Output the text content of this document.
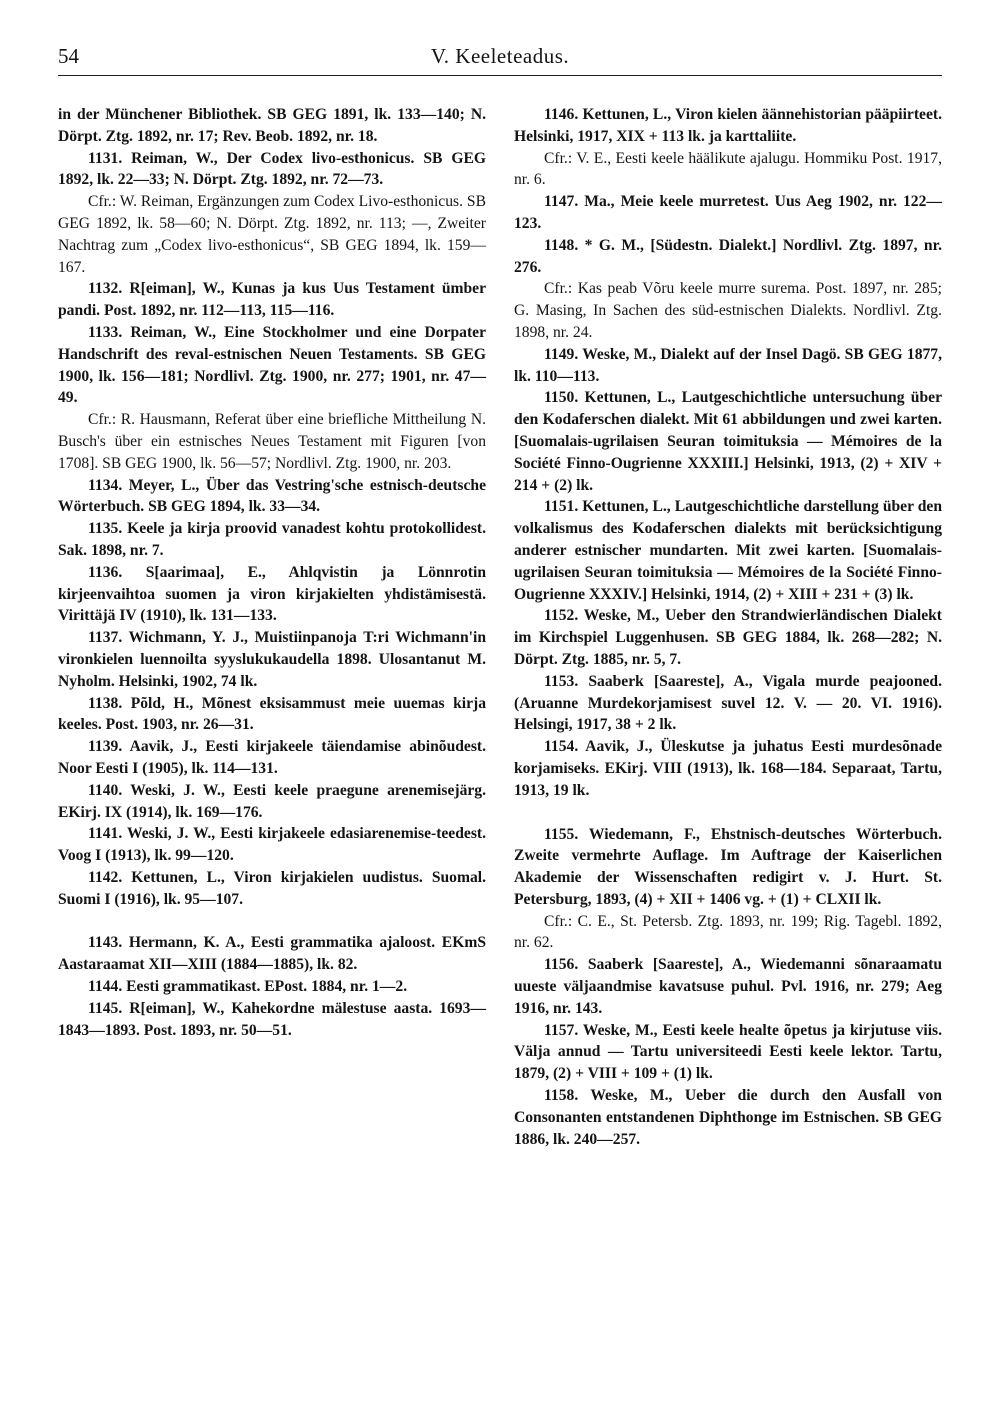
54	V. Keeleteadus.

in der Münchener Bibliothek. SB GEG 1891, lk. 133—140; N. Dörpt. Ztg. 1892, nr. 17; Rev. Beob. 1892, nr. 18.

1131. Reiman, W., Der Codex livo-esthonicus. SB GEG 1892, lk. 22—33; N. Dörpt. Ztg. 1892, nr. 72—73.

Cfr.: W. Reiman, Ergänzungen zum Codex Livo-esthonicus. SB GEG 1892, lk. 58—60; N. Dörpt. Ztg. 1892, nr. 113; —, Zweiter Nachtrag zum „Codex livo-esthonicus“, SB GEG 1894, lk. 159—167.

1132. R[eiman], W., Kunas ja kus Uus Testament ümber pandi. Post. 1892, nr. 112—113, 115—116.

1133. Reiman, W., Eine Stockholmer und eine Dorpater Handschrift des reval-estnischen Neuen Testaments. SB GEG 1900, lk. 156—181; Nordlivl. Ztg. 1900, nr. 277; 1901, nr. 47—49.

Cfr.: R. Hausmann, Referat über eine briefliche Mittheilung N. Busch's über ein estnisches Neues Testament mit Figuren [von 1708]. SB GEG 1900, lk. 56—57; Nordlivl. Ztg. 1900, nr. 203.

1134. Meyer, L., Über das Vestring'sche estnisch-deutsche Wörterbuch. SB GEG 1894, lk. 33—34.

1135. Keele ja kirja proovid vanadest kohtu protokollidest. Sak. 1898, nr. 7.

1136. S[aarimaa], E., Ahlqvistin ja Lönnrotin kirjeenvaihtoa suomen ja viron kirjakielten yhdistämisestä. Virittäjä IV (1910), lk. 131—133.

1137. Wichmann, Y. J., Muistiinpanoja T:ri Wichmann'in vironkielen luennoilta syyslukukaudella 1898. Ulosantanut M. Nyholm. Helsinki, 1902, 74 lk.

1138. Põld, H., Mõnest eksisammust meie uuemas kirja keeles. Post. 1903, nr. 26—31.

1139. Aavik, J., Eesti kirjakeele täiendamise abinõudest. Noor Eesti I (1905), lk. 114—131.

1140. Weski, J. W., Eesti keele praegune arenemisejärg. EKirj. IX (1914), lk. 169—176.

1141. Weski, J. W., Eesti kirjakeele edasiarenemise-teedest. Voog I (1913), lk. 99—120.

1142. Kettunen, L., Viron kirjakielen uudistus. Suomal. Suomi I (1916), lk. 95—107.

1143. Hermann, K. A., Eesti grammatika ajaloost. EKmS Aastaraamat XII—XIII (1884—1885), lk. 82.

1144. Eesti grammatikast. EPost. 1884, nr. 1—2.

1145. R[eiman], W., Kahekordne mälestuse aasta. 1693—1843—1893. Post. 1893, nr. 50—51.

1146. Kettunen, L., Viron kielen äännehistorian pääpiirteet. Helsinki, 1917, XIX + 113 lk. ja karttaliite.

Cfr.: V. E., Eesti keele häälikute ajalugu. Hommiku Post. 1917, nr. 6.

1147. Ma., Meie keele murretest. Uus Aeg 1902, nr. 122—123.

1148. * G. M., [Südestn. Dialekt.] Nordlivl. Ztg. 1897, nr. 276.

Cfr.: Kas peab Võru keele murre surema. Post. 1897, nr. 285; G. Masing, In Sachen des süd-estnischen Dialekts. Nordlivl. Ztg. 1898, nr. 24.

1149. Weske, M., Dialekt auf der Insel Dagö. SB GEG 1877, lk. 110—113.

1150. Kettunen, L., Lautgeschichtliche untersuchung über den Kodaferschen dialekt. Mit 61 abbildungen und zwei karten. [Suomalais-ugrilaisen Seuran toimituksia — Mémoires de la Société Finno-Ougrienne XXXIII.] Helsinki, 1913, (2) + XIV + 214 + (2) lk.

1151. Kettunen, L., Lautgeschichtliche darstellung über den volkalismus des Kodaferschen dialekts mit berücksichtigung anderer estnischer mundarten. Mit zwei karten. [Suomalais-ugrilaisen Seuran toimituksia — Mémoires de la Société Finno-Ougrienne XXXIV.] Helsinki, 1914, (2) + XIII + 231 + (3) lk.

1152. Weske, M., Ueber den Strandwierländischen Dialekt im Kirchspiel Luggenhusen. SB GEG 1884, lk. 268—282; N. Dörpt. Ztg. 1885, nr. 5, 7.

1153. Saaberk [Saareste], A., Vigala murde peajooned. (Aruanne Murdekorjamisest suvel 12. V. — 20. VI. 1916). Helsingi, 1917, 38 + 2 lk.

1154. Aavik, J., Üleskutse ja juhatus Eesti murdesõnade korjamiseks. EKirj. VIII (1913), lk. 168—184. Separaat, Tartu, 1913, 19 lk.

1155. Wiedemann, F., Ehstnisch-deutsches Wörterbuch. Zweite vermehrte Auflage. Im Auftrage der Kaiserlichen Akademie der Wissenschaften redigirt v. J. Hurt. St. Petersburg, 1893, (4) + XII + 1406 vg. + (1) + CLXII lk.

Cfr.: C. E., St. Petersb. Ztg. 1893, nr. 199; Rig. Tagebl. 1892, nr. 62.

1156. Saaberk [Saareste], A., Wiedemanni sõnaraamatu uueste väljaandmise kavatsuse puhul. Pvl. 1916, nr. 279; Aeg 1916, nr. 143.

1157. Weske, M., Eesti keele healte õpetus ja kirjutuse viis. Välja annud — Tartu universiteedi Eesti keele lektor. Tartu, 1879, (2) + VIII + 109 + (1) lk.

1158. Weske, M., Ueber die durch den Ausfall von Consonanten entstandenen Diphthonge im Estnischen. SB GEG 1886, lk. 240—257.
